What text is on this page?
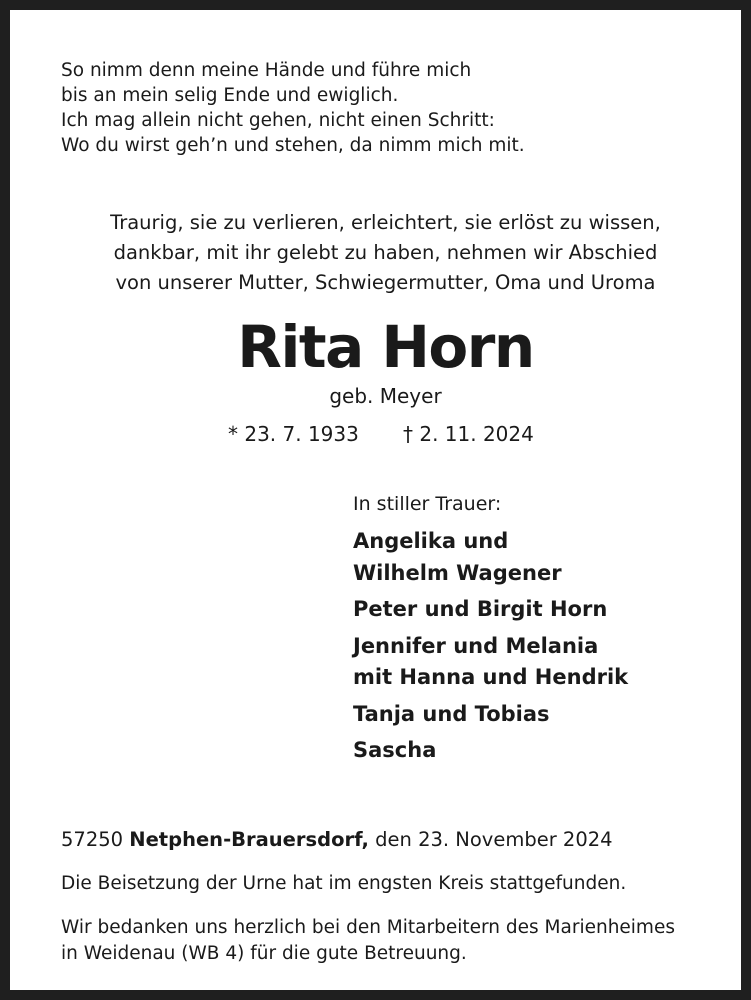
So nimm denn meine Hände und führe mich
bis an mein selig Ende und ewiglich.
Ich mag allein nicht gehen, nicht einen Schritt:
Wo du wirst geh’n und stehen, da nimm mich mit.
Traurig, sie zu verlieren, erleichtert, sie erlöst zu wissen,
dankbar, mit ihr gelebt zu haben, nehmen wir Abschied
von unserer Mutter, Schwiegermutter, Oma und Uroma
Rita Horn
geb. Meyer
* 23. 7. 1933 † 2. 11. 2024
In stiller Trauer:
Angelika und
Wilhelm Wagener
Peter und Birgit Horn
Jennifer und Melania
mit Hanna und Hendrik
Tanja und Tobias
Sascha
57250 Netphen-Brauersdorf, den 23. November 2024
Die Beisetzung der Urne hat im engsten Kreis stattgefunden.
Wir bedanken uns herzlich bei den Mitarbeitern des Marienheimes
in Weidenau (WB 4) für die gute Betreuung.
